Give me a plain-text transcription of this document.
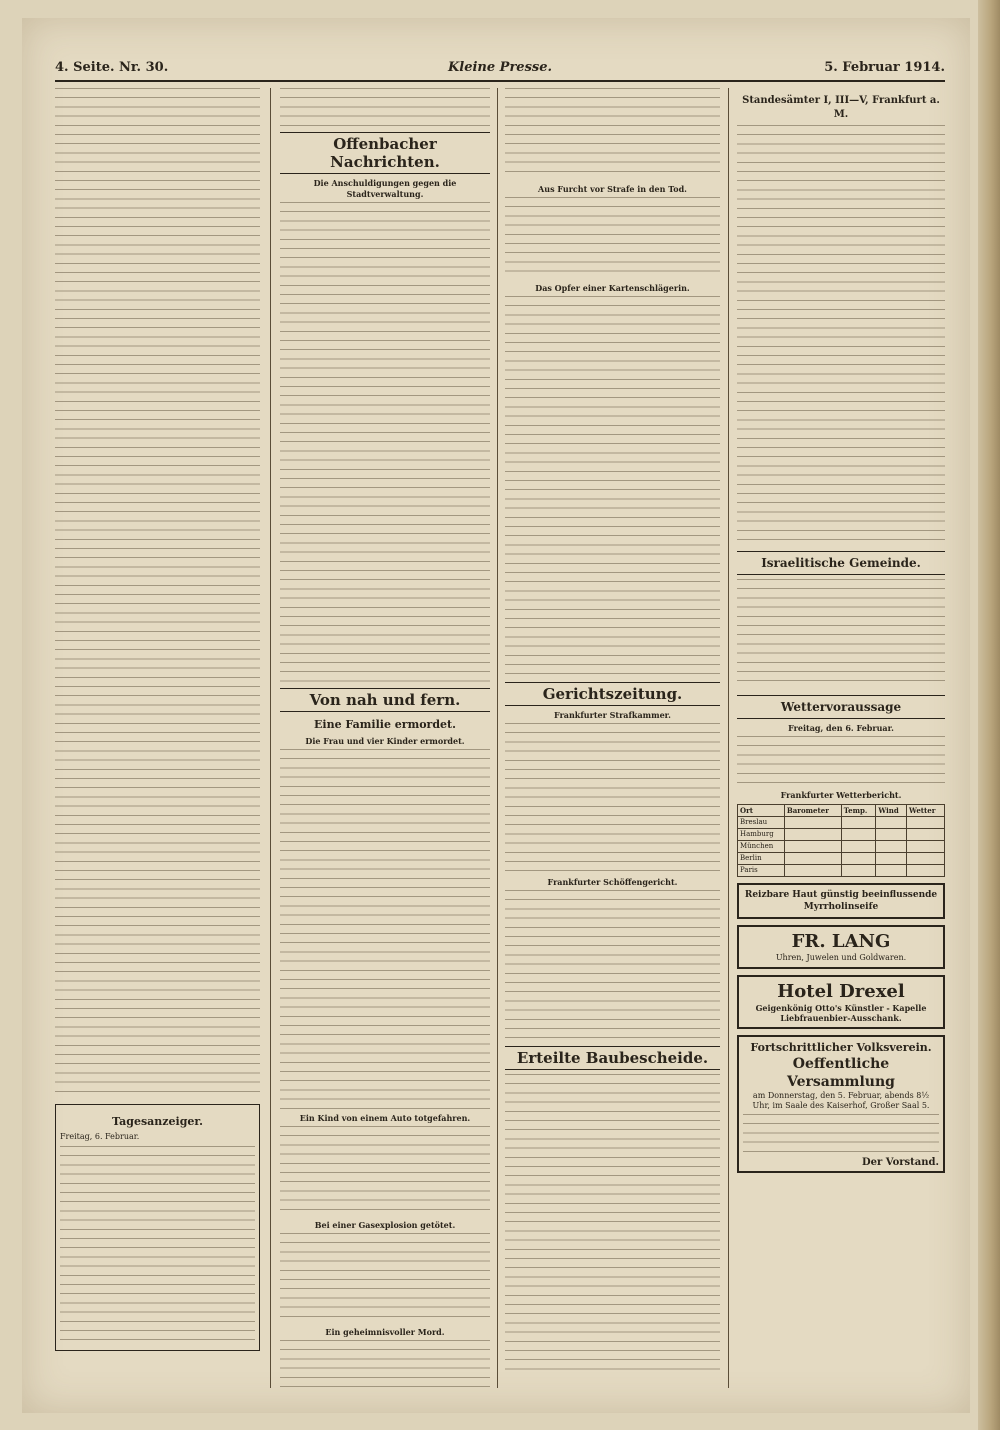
4. Seite. Nr. 30.	Kleine Presse.	5. Februar 1914.
Tagesanzeiger.
Freitag, 6. Februar.
Offenbacher Nachrichten.
Die Anschuldigungen gegen die Stadtverwaltung.
Von nah und fern.
Eine Familie ermordet.
Die Frau und vier Kinder ermordet.
Ein Kind von einem Auto totgefahren.
Bei einer Gasexplosion getötet.
Ein geheimnisvoller Mord.
Aus Furcht vor Strafe in den Tod.
Das Opfer einer Kartenschlägerin.
Gerichtszeitung.
Frankfurter Strafkammer.
Frankfurter Schöffengericht.
Erteilte Baubescheide.
Standesämter I, III—V, Frankfurt a. M.
Israelitische Gemeinde.
Wettervoraussage
Freitag, den 6. Februar.
Frankfurter Wetterbericht.
Ort	Barometer	Temp.	Wind	Wetter
Breslau				
Hamburg				
München				
Berlin				
Paris				
Reizbare Haut günstig beeinflussende Myrrholinseife
FR. LANG
Uhren, Juwelen und Goldwaren.
Hotel Drexel
Geigenkönig Otto's Künstler - Kapelle
Liebfrauenbier-Ausschank.
Fortschrittlicher Volksverein.
Oeffentliche Versammlung
am Donnerstag, den 5. Februar, abends 8½ Uhr, im Saale des Kaiserhof, Großer Saal 5.
Der Vorstand.
